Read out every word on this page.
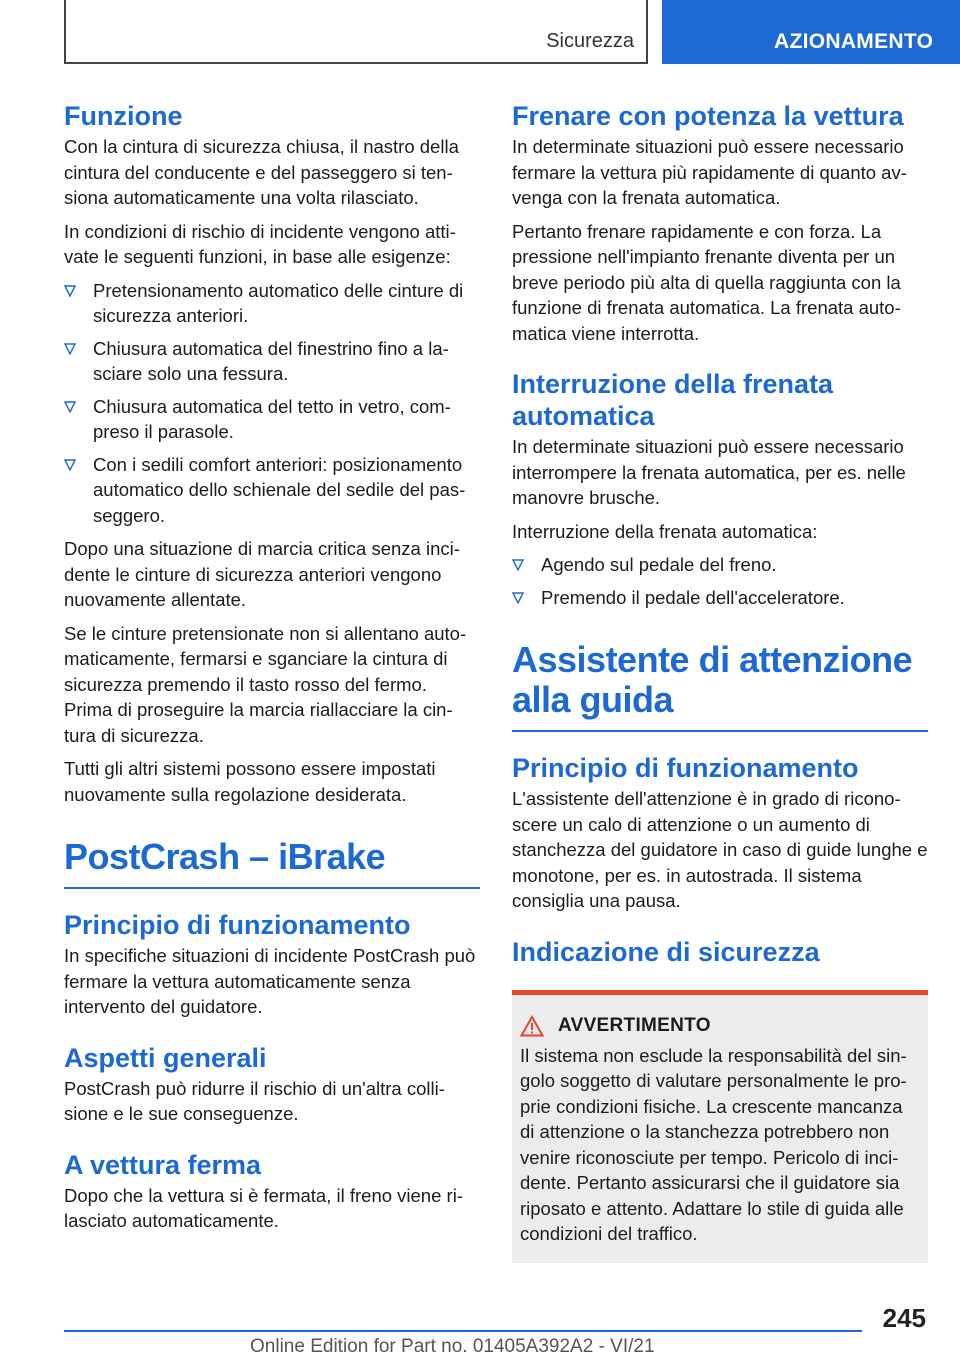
Sicurezza	AZIONAMENTO
Funzione

Con la cintura di sicurezza chiusa, il nastro della cintura del conducente e del passeggero si ten-siona automaticamente una volta rilasciato.

In condizioni di rischio di incidente vengono atti-vate le seguenti funzioni, in base alle esigenze:

Pretensionamento automatico delle cinture di sicurezza anteriori.
Chiusura automatica del finestrino fino a la-sciare solo una fessura.
Chiusura automatica del tetto in vetro, com-preso il parasole.
Con i sedili comfort anteriori: posizionamento automatico dello schienale del sedile del pas-seggero.

Dopo una situazione di marcia critica senza inci-dente le cinture di sicurezza anteriori vengono nuovamente allentate.

Se le cinture pretensionate non si allentano auto-maticamente, fermarsi e sganciare la cintura di sicurezza premendo il tasto rosso del fermo. Prima di proseguire la marcia riallacciare la cin-tura di sicurezza.

Tutti gli altri sistemi possono essere impostati nuovamente sulla regolazione desiderata.

PostCrash – iBrake
Principio di funzionamento

In specifiche situazioni di incidente PostCrash può fermare la vettura automaticamente senza intervento del guidatore.

Aspetti generali

PostCrash può ridurre il rischio di un'altra colli-sione e le sue conseguenze.

A vettura ferma

Dopo che la vettura si è fermata, il freno viene ri-lasciato automaticamente.

Frenare con potenza la vettura

In determinate situazioni può essere necessario fermare la vettura più rapidamente di quanto av-venga con la frenata automatica.

Pertanto frenare rapidamente e con forza. La pressione nell'impianto frenante diventa per un breve periodo più alta di quella raggiunta con la funzione di frenata automatica. La frenata auto-matica viene interrotta.

Interruzione della frenata automatica

In determinate situazioni può essere necessario interrompere la frenata automatica, per es. nelle manovre brusche.

Interruzione della frenata automatica:

Agendo sul pedale del freno.
Premendo il pedale dell'acceleratore.
Assistente di attenzione alla guida
Principio di funzionamento

L'assistente dell'attenzione è in grado di ricono-scere un calo di attenzione o un aumento di stanchezza del guidatore in caso di guide lunghe e monotone, per es. in autostrada. Il sistema consiglia una pausa.

Indicazione di sicurezza
AVVERTIMENTO

Il sistema non esclude la responsabilità del sin-golo soggetto di valutare personalmente le pro-prie condizioni fisiche. La crescente mancanza di attenzione o la stanchezza potrebbero non venire riconosciute per tempo. Pericolo di inci-dente. Pertanto assicurarsi che il guidatore sia riposato e attento. Adattare lo stile di guida alle condizioni del traffico.

245
Online Edition for Part no. 01405A392A2 - VI/21
